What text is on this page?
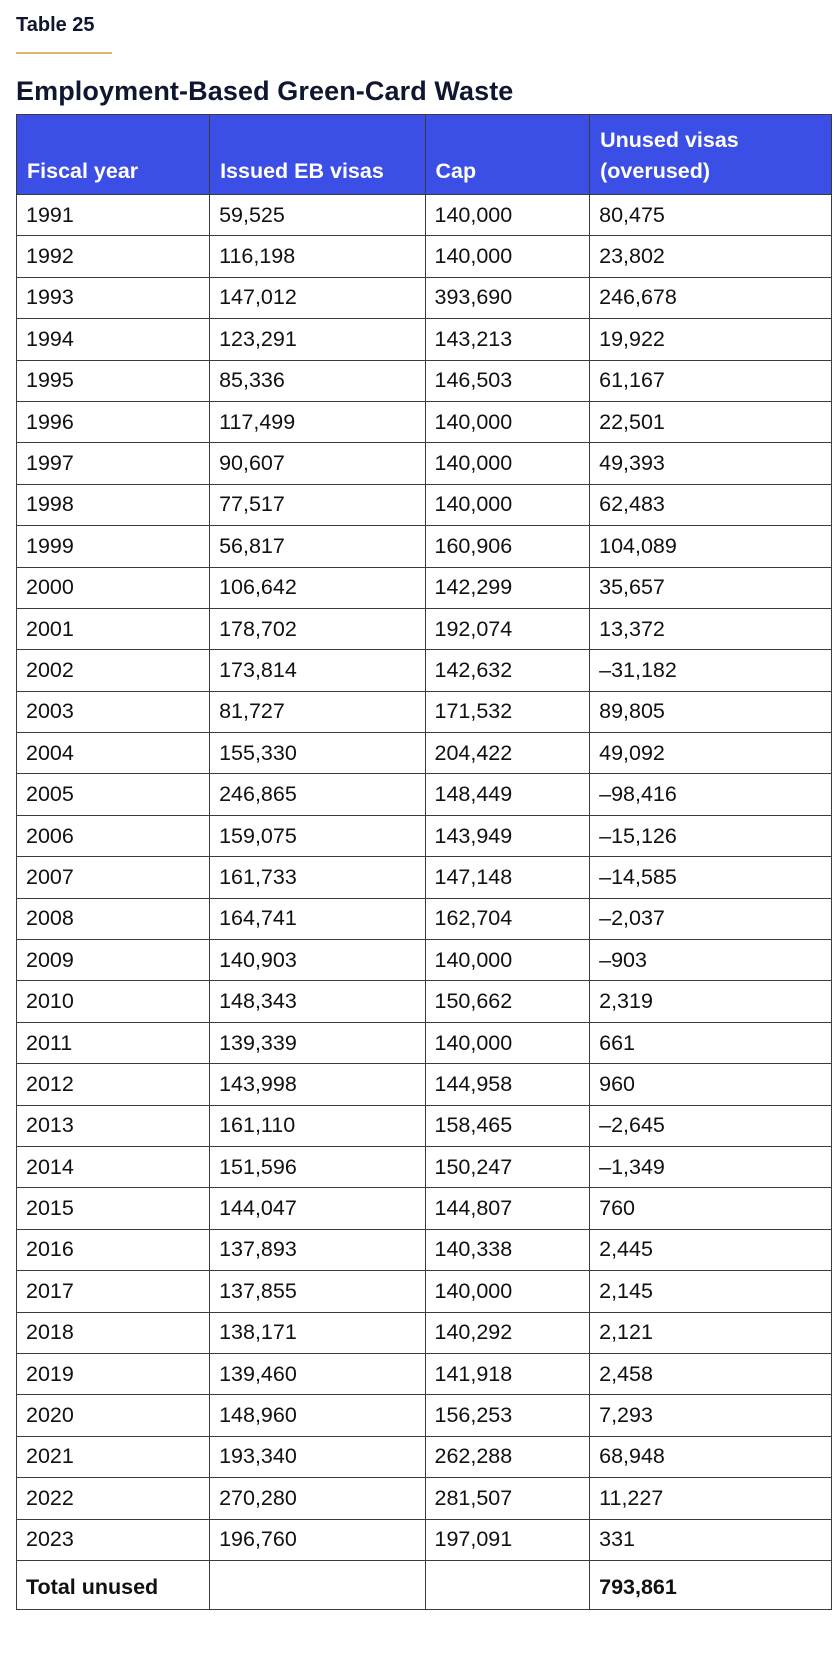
Table 25
Employment-Based Green-Card Waste
Fiscal year	Issued EB visas	Cap	Unused visas (overused)
1991	59,525	140,000	80,475
1992	116,198	140,000	23,802
1993	147,012	393,690	246,678
1994	123,291	143,213	19,922
1995	85,336	146,503	61,167
1996	117,499	140,000	22,501
1997	90,607	140,000	49,393
1998	77,517	140,000	62,483
1999	56,817	160,906	104,089
2000	106,642	142,299	35,657
2001	178,702	192,074	13,372
2002	173,814	142,632	–31,182
2003	81,727	171,532	89,805
2004	155,330	204,422	49,092
2005	246,865	148,449	–98,416
2006	159,075	143,949	–15,126
2007	161,733	147,148	–14,585
2008	164,741	162,704	–2,037
2009	140,903	140,000	–903
2010	148,343	150,662	2,319
2011	139,339	140,000	661
2012	143,998	144,958	960
2013	161,110	158,465	–2,645
2014	151,596	150,247	–1,349
2015	144,047	144,807	760
2016	137,893	140,338	2,445
2017	137,855	140,000	2,145
2018	138,171	140,292	2,121
2019	139,460	141,918	2,458
2020	148,960	156,253	7,293
2021	193,340	262,288	68,948
2022	270,280	281,507	11,227
2023	196,760	197,091	331
Total unused			793,861
